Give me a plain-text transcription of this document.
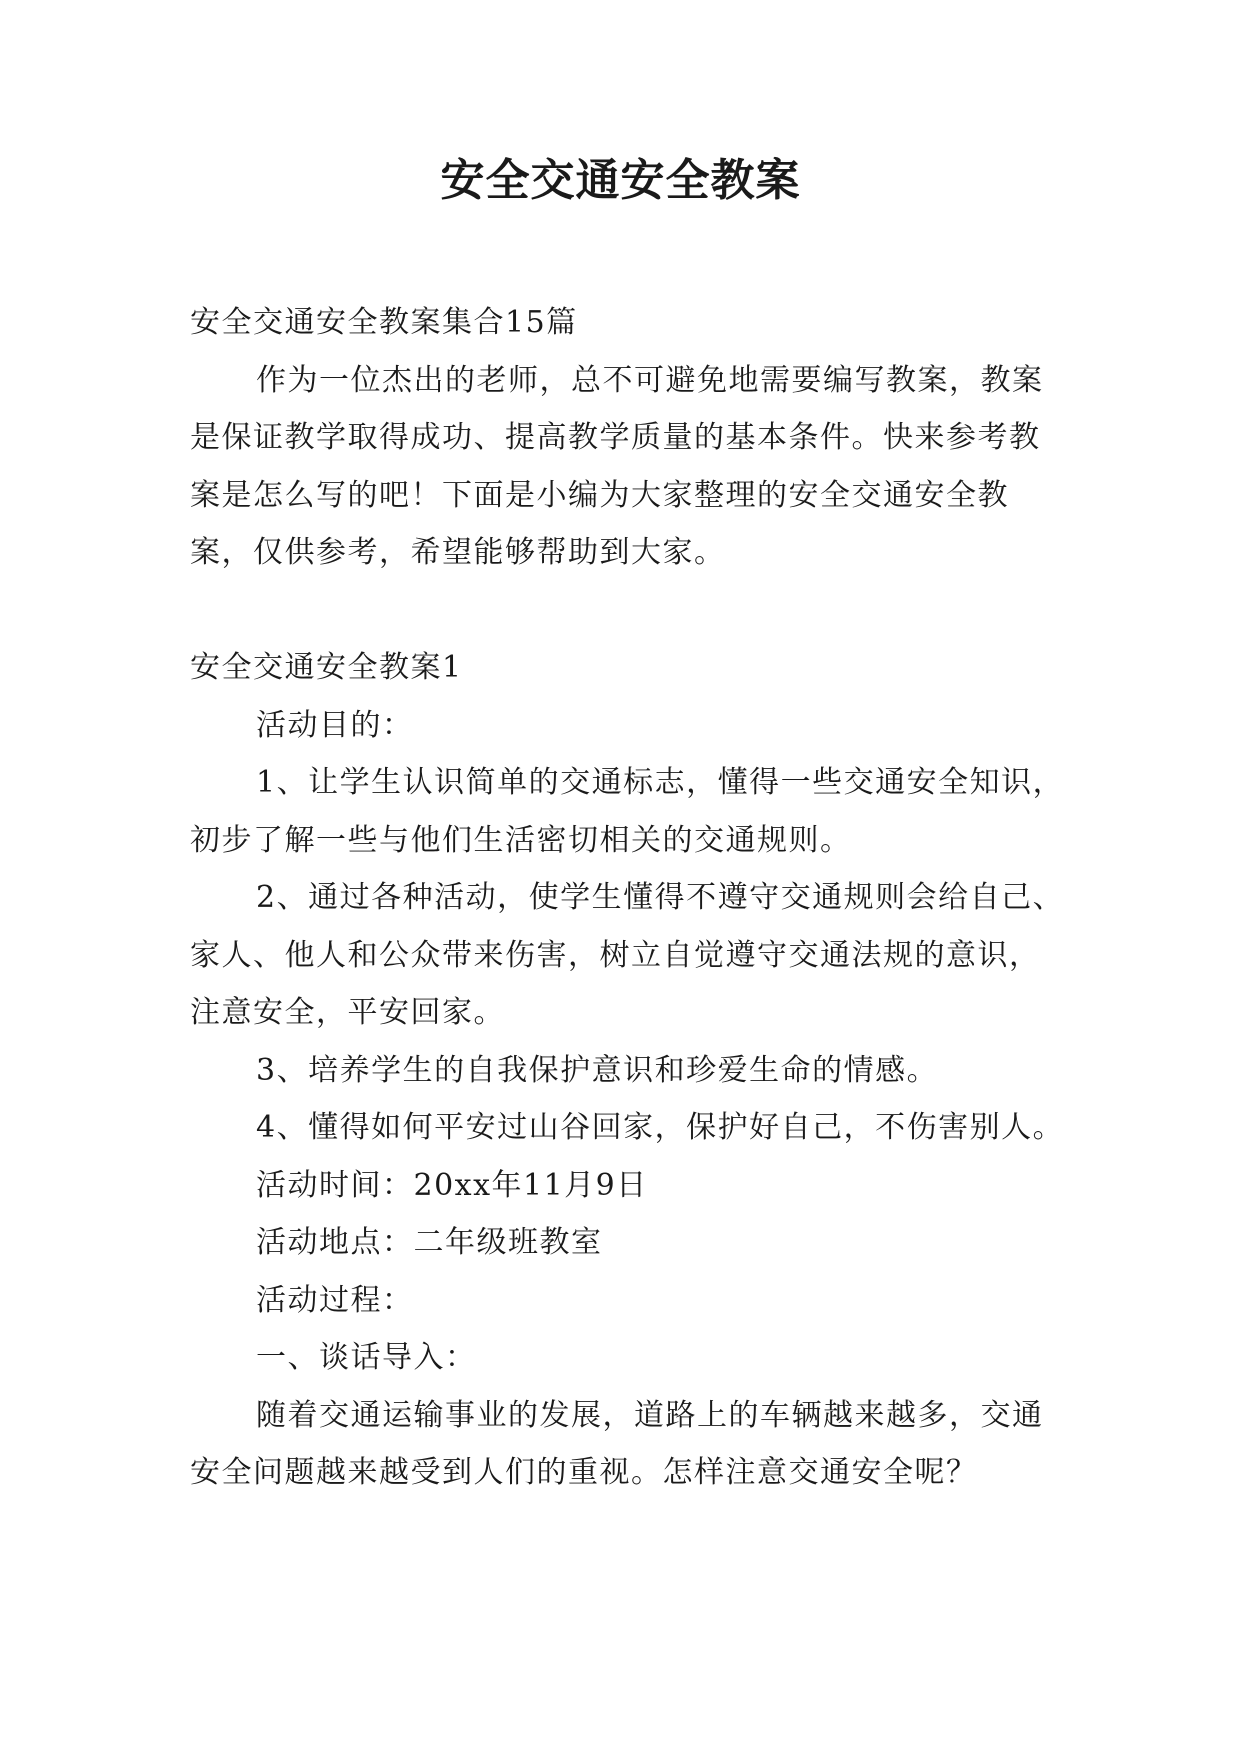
安全交通安全教案

安全交通安全教案集合15篇

作为一位杰出的老师，总不可避免地需要编写教案，教案是保证教学取得成功、提高教学质量的基本条件。快来参考教案是怎么写的吧！下面是小编为大家整理的安全交通安全教案，仅供参考，希望能够帮助到大家。

安全交通安全教案1

活动目的：

1、让学生认识简单的交通标志，懂得一些交通安全知识，初步了解一些与他们生活密切相关的交通规则。

2、通过各种活动，使学生懂得不遵守交通规则会给自己、家人、他人和公众带来伤害，树立自觉遵守交通法规的意识，注意安全，平安回家。

3、培养学生的自我保护意识和珍爱生命的情感。

4、懂得如何平安过山谷回家，保护好自己，不伤害别人。

活动时间：20xx年11月9日

活动地点：二年级班教室

活动过程：

一、谈话导入：

随着交通运输事业的发展，道路上的车辆越来越多，交通安全问题越来越受到人们的重视。怎样注意交通安全呢？
